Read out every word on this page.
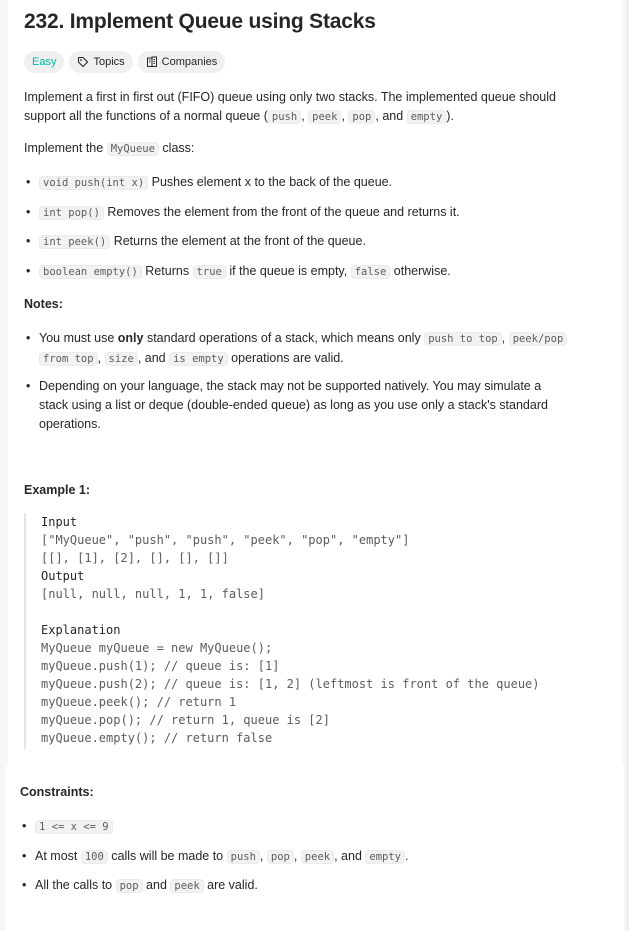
232. Implement Queue using Stacks
Easy	Topics	Companies
Implement a first in first out (FIFO) queue using only two stacks. The implemented queue should
support all the functions of a normal queue ( push , peek , pop , and empty ).
Implement the MyQueue class:
•	void push(int x) Pushes element x to the back of the queue.
•	int pop() Removes the element from the front of the queue and returns it.
•	int peek() Returns the element at the front of the queue.
•	boolean empty() Returns true if the queue is empty, false otherwise.
Notes:
• You must use only standard operations of a stack, which means only push to top , peek/pop
from top , size , and is empty operations are valid.
• Depending on your language, the stack may not be supported natively. You may simulate a
stack using a list or deque (double-ended queue) as long as you use only a stack's standard
operations.
Example 1:
Input
["MyQueue", "push", "push", "peek", "pop", "empty"]
[[], [1], [2], [], [], []]
Output
[null, null, null, 1, 1, false]
Explanation
MyQueue myQueue = new MyQueue();
myQueue.push(1); // queue is: [1]
myQueue.push(2); // queue is: [1, 2] (leftmost is front of the queue)
myQueue.peek(); // return 1
myQueue.pop(); // return 1, queue is [2]
myQueue.empty(); // return false
Constraints:
•	1 <= x <= 9
• At most 100 calls will be made to push , pop , peek , and empty .
• All the calls to pop and peek are valid.
